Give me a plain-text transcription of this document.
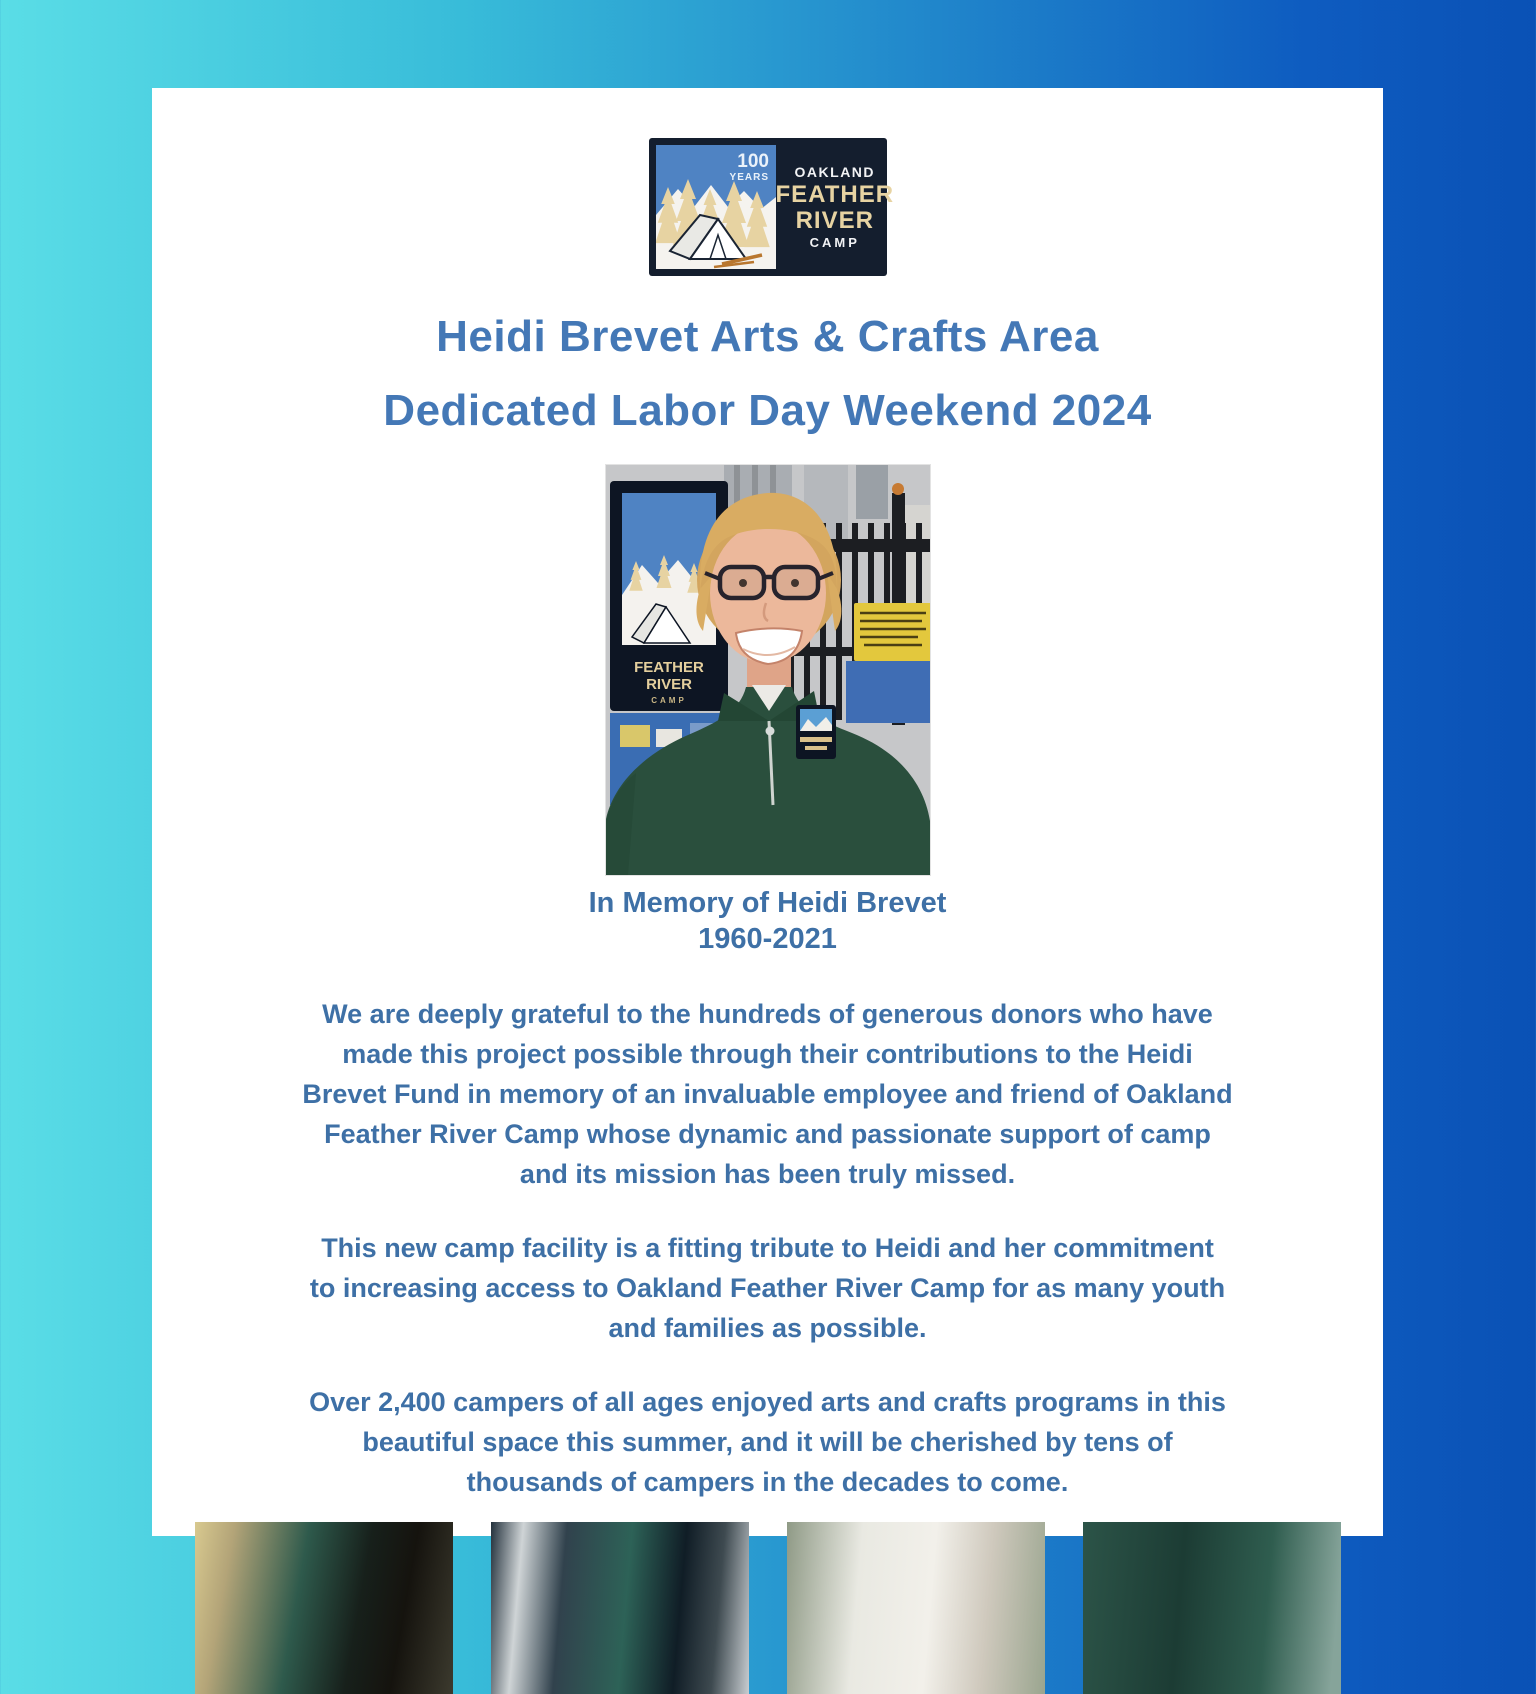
100
YEARS OAKLAND
FEATHER
RIVER
CAMP
Heidi Brevet Arts & Crafts Area
Dedicated Labor Day Weekend 2024
FEATHER
RIVER
CAMP
In Memory of Heidi Brevet
1960-2021
We are deeply grateful to the hundreds of generous donors who have
made this project possible through their contributions to the Heidi
Brevet Fund in memory of an invaluable employee and friend of Oakland
Feather River Camp whose dynamic and passionate support of camp
and its mission has been truly missed.
This new camp facility is a fitting tribute to Heidi and her commitment
to increasing access to Oakland Feather River Camp for as many youth
and families as possible.
Over 2,400 campers of all ages enjoyed arts and crafts programs in this
beautiful space this summer, and it will be cherished by tens of
thousands of campers in the decades to come.
